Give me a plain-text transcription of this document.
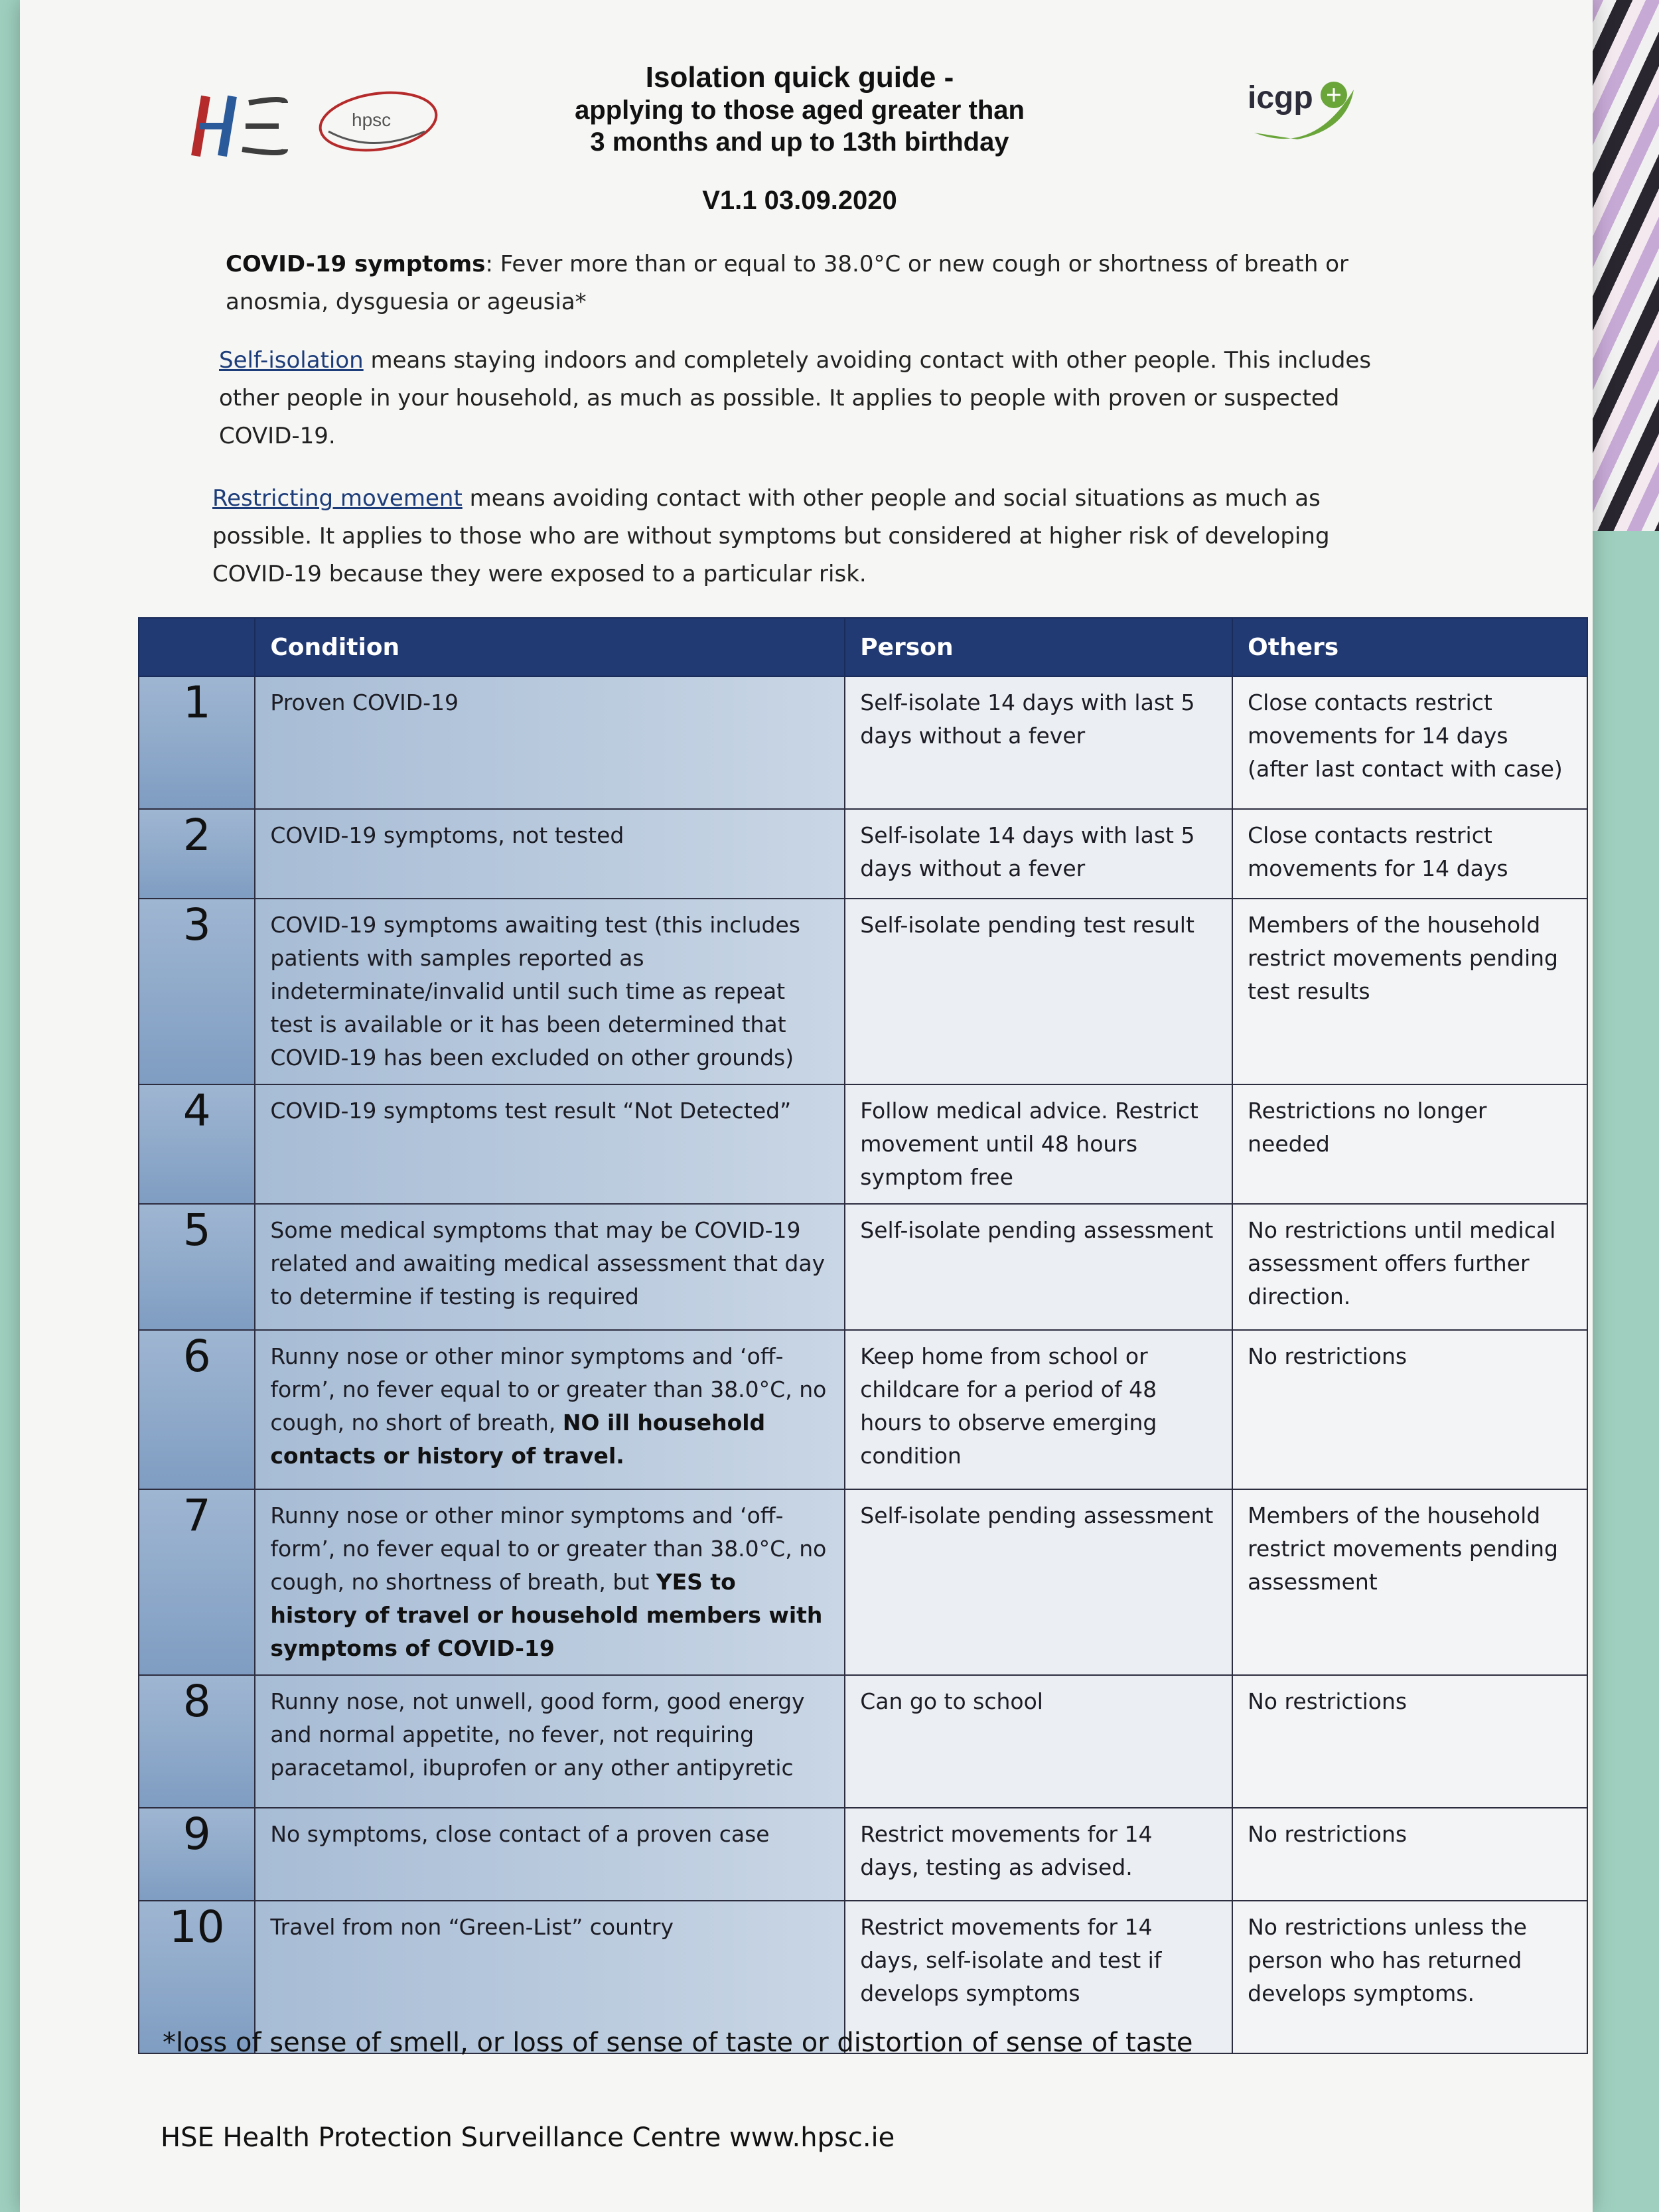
HSE
hpsc
icgp
Isolation quick guide -
applying to those aged greater than
3 months and up to 13th birthday
V1.1 03.09.2020
COVID-19 symptoms: Fever more than or equal to 38.0°C or new cough or shortness of breath or anosmia, dysguesia or ageusia*
Self-isolation means staying indoors and completely avoiding contact with other people. This includes other people in your household, as much as possible. It applies to people with proven or suspected COVID-19.
Restricting movement means avoiding contact with other people and social situations as much as possible. It applies to those who are without symptoms but considered at higher risk of developing COVID-19 because they were exposed to a particular risk.
	Condition	Person	Others
1	Proven COVID-19	Self-isolate 14 days with last 5 days without a fever	Close contacts restrict movements for 14 days (after last contact with case)
2	COVID-19 symptoms, not tested	Self-isolate 14 days with last 5 days without a fever	Close contacts restrict movements for 14 days
3	COVID-19 symptoms awaiting test (this includes patients with samples reported as indeterminate/invalid until such time as repeat test is available or it has been determined that COVID-19 has been excluded on other grounds)	Self-isolate pending test result	Members of the household restrict movements pending test results
4	COVID-19 symptoms test result “Not Detected”	Follow medical advice. Restrict movement until 48 hours symptom free	Restrictions no longer needed
5	Some medical symptoms that may be COVID-19 related and awaiting medical assessment that day to determine if testing is required	Self-isolate pending assessment	No restrictions until medical assessment offers further direction.
6	Runny nose or other minor symptoms and ‘off-form’, no fever equal to or greater than 38.0°C, no cough, no short of breath, NO ill household contacts or history of travel.	Keep home from school or childcare for a period of 48 hours to observe emerging condition	No restrictions
7	Runny nose or other minor symptoms and ‘off-form’, no fever equal to or greater than 38.0°C, no cough, no shortness of breath, but YES to history of travel or household members with symptoms of COVID-19	Self-isolate pending assessment	Members of the household restrict movements pending assessment
8	Runny nose, not unwell, good form, good energy and normal appetite, no fever, not requiring paracetamol, ibuprofen or any other antipyretic	Can go to school	No restrictions
9	No symptoms, close contact of a proven case	Restrict movements for 14 days, testing as advised.	No restrictions
10	Travel from non “Green-List” country	Restrict movements for 14 days, self-isolate and test if develops symptoms	No restrictions unless the person who has returned develops symptoms.
*loss of sense of smell, or loss of sense of taste or distortion of sense of taste
HSE Health Protection Surveillance Centre www.hpsc.ie
